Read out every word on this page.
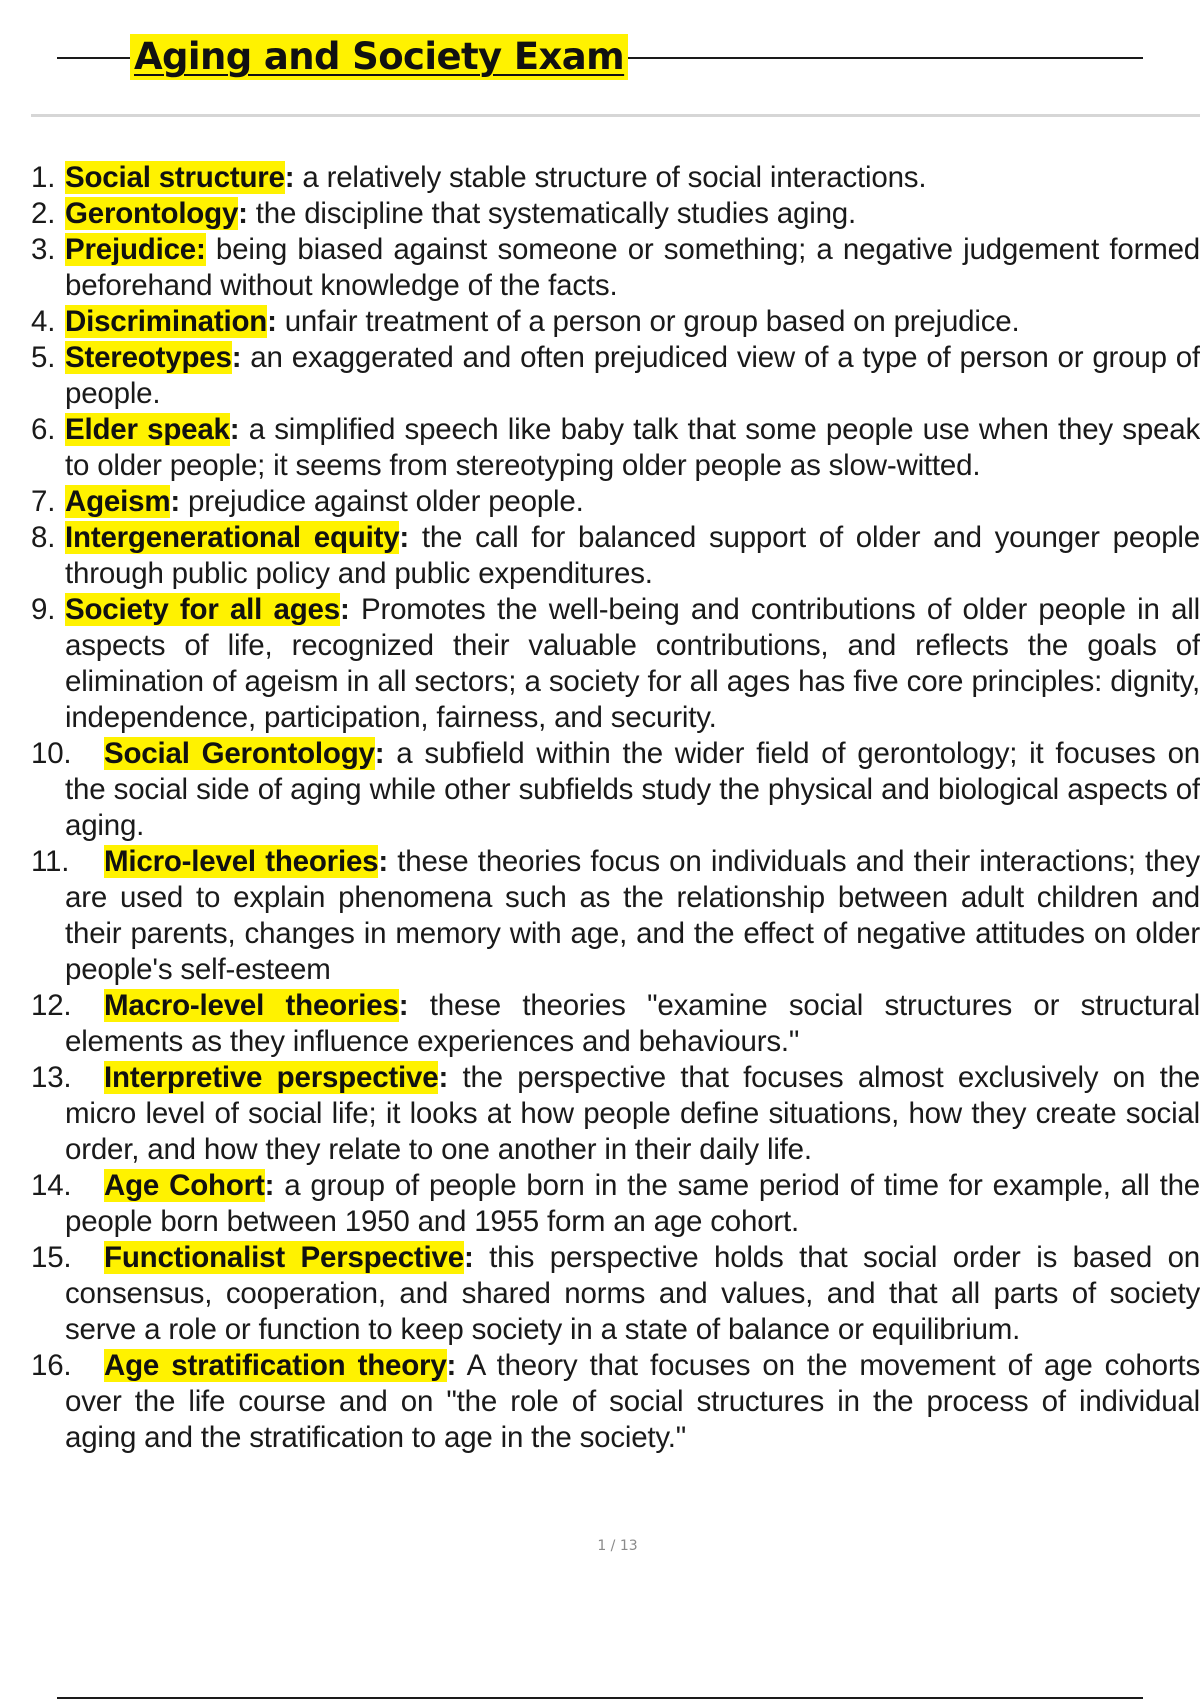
Aging and Society Exam
1. Social structure: a relatively stable structure of social interactions.
2. Gerontology: the discipline that systematically studies aging.
3. Prejudice: being biased against someone or something; a negative judgement formed beforehand without knowledge of the facts.
4. Discrimination: unfair treatment of a person or group based on prejudice.
5. Stereotypes: an exaggerated and often prejudiced view of a type of person or group of people.
6. Elder speak: a simplified speech like baby talk that some people use when they speak to older people; it seems from stereotyping older people as slow-witted.
7. Ageism: prejudice against older people.
8. Intergenerational equity: the call for balanced support of older and younger people through public policy and public expenditures.
9. Society for all ages: Promotes the well-being and contributions of older people in all aspects of life, recognized their valuable contributions, and reflects the goals of elimination of ageism in all sectors; a society for all ages has five core principles: dignity, independence, participation, fairness, and security.
10. Social Gerontology: a subfield within the wider field of gerontology; it focuses on the social side of aging while other subfields study the physical and biological aspects of aging.
11. Micro-level theories: these theories focus on individuals and their interactions; they are used to explain phenomena such as the relationship between adult children and their parents, changes in memory with age, and the effect of negative attitudes on older people's self-esteem
12. Macro-level theories: these theories "examine social structures or structural elements as they influence experiences and behaviours."
13. Interpretive perspective: the perspective that focuses almost exclusively on the micro level of social life; it looks at how people define situations, how they create social order, and how they relate to one another in their daily life.
14. Age Cohort: a group of people born in the same period of time for example, all the people born between 1950 and 1955 form an age cohort.
15. Functionalist Perspective: this perspective holds that social order is based on consensus, cooperation, and shared norms and values, and that all parts of society serve a role or function to keep society in a state of balance or equilibrium.
16. Age stratification theory: A theory that focuses on the movement of age cohorts over the life course and on "the role of social structures in the process of individual aging and the stratification to age in the society."
1 / 13
